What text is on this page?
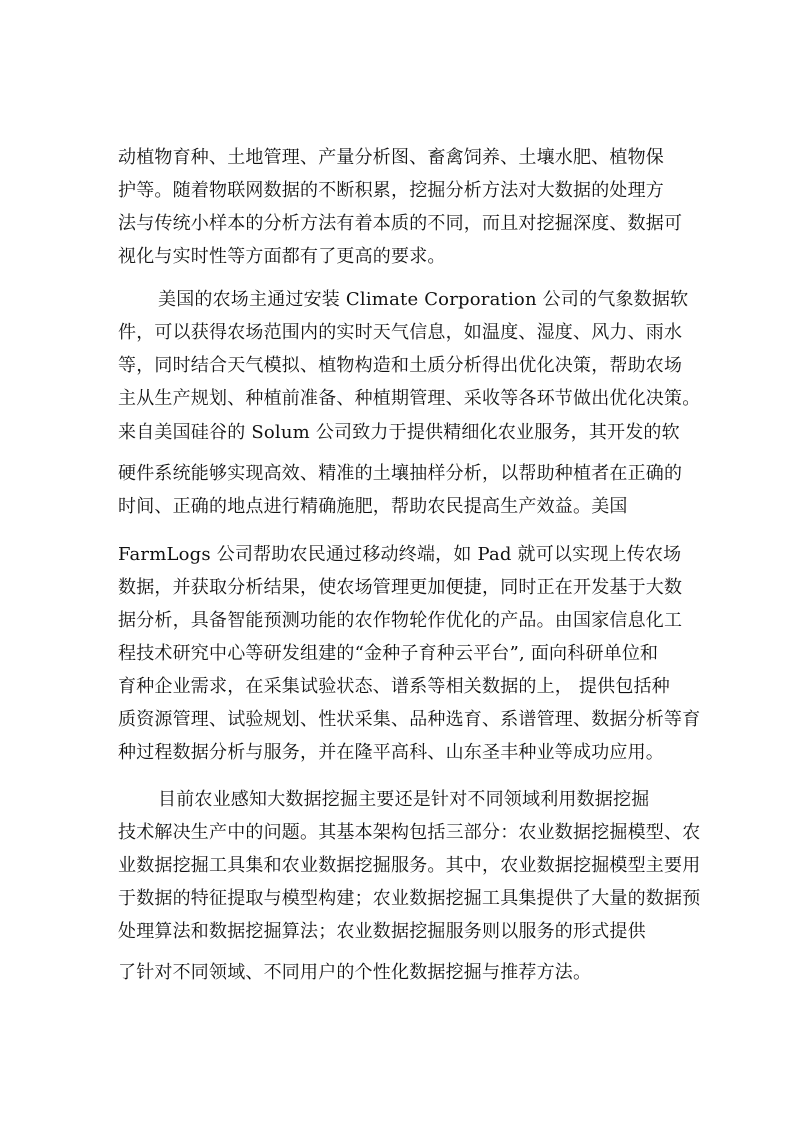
动植物育种、土地管理、产量分析图、畜禽饲养、土壤水肥、植物保
护等。随着物联网数据的不断积累，挖掘分析方法对大数据的处理方
法与传统小样本的分析方法有着本质的不同，而且对挖掘深度、数据可
视化与实时性等方面都有了更高的要求。
美国的农场主通过安装 Climate Corporation 公司的气象数据软
件，可以获得农场范围内的实时天气信息，如温度、湿度、风力、雨水
等，同时结合天气模拟、植物构造和土质分析得出优化决策，帮助农场
主从生产规划、种植前准备、种植期管理、采收等各环节做出优化决策。
来自美国硅谷的 Solum 公司致力于提供精细化农业服务，其开发的软
硬件系统能够实现高效、精准的土壤抽样分析，以帮助种植者在正确的
时间、正确的地点进行精确施肥，帮助农民提高生产效益。美国
FarmLogs 公司帮助农民通过移动终端，如 Pad 就可以实现上传农场
数据，并获取分析结果，使农场管理更加便捷，同时正在开发基于大数
据分析，具备智能预测功能的农作物轮作优化的产品。由国家信息化工
程技术研究中心等研发组建的“金种子育种云平台”, 面向科研单位和
育种企业需求，在采集试验状态、谱系等相关数据的上， 提供包括种
质资源管理、试验规划、性状采集、品种选育、系谱管理、数据分析等育
种过程数据分析与服务，并在隆平高科、山东圣丰种业等成功应用。
目前农业感知大数据挖掘主要还是针对不同领域利用数据挖掘
技术解决生产中的问题。其基本架构包括三部分：农业数据挖掘模型、农
业数据挖掘工具集和农业数据挖掘服务。其中，农业数据挖掘模型主要用
于数据的特征提取与模型构建；农业数据挖掘工具集提供了大量的数据预
处理算法和数据挖掘算法；农业数据挖掘服务则以服务的形式提供
了针对不同领域、不同用户的个性化数据挖掘与推荐方法。
